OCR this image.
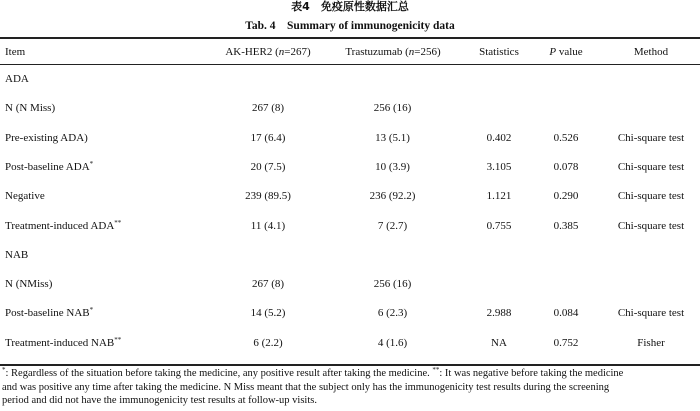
表4　免疫原性数据汇总
Tab. 4　Summary of immunogenicity data
Item	AK-HER2 (n=267)	Trastuzumab (n=256)	Statistics	P value	Method
ADA
N (N Miss)	267 (8)	256 (16)
Pre-existing ADA)	17 (6.4)	13 (5.1)	0.402	0.526	Chi-square test
Post-baseline ADA*	20 (7.5)	10 (3.9)	3.105	0.078	Chi-square test
Negative	239 (89.5)	236 (92.2)	1.121	0.290	Chi-square test
Treatment-induced ADA**	11 (4.1)	7 (2.7)	0.755	0.385	Chi-square test
NAB
N (NMiss)	267 (8)	256 (16)
Post-baseline NAB*	14 (5.2)	6 (2.3)	2.988	0.084	Chi-square test
Treatment-induced NAB**	6 (2.2)	4 (1.6)	NA	0.752	Fisher

*: Regardless of the situation before taking the medicine, any positive result after taking the medicine. **: It was negative before taking the medicine

and was positive any time after taking the medicine. N Miss meant that the subject only has the immunogenicity test results during the screening

period and did not have the immunogenicity test results at follow-up visits.
